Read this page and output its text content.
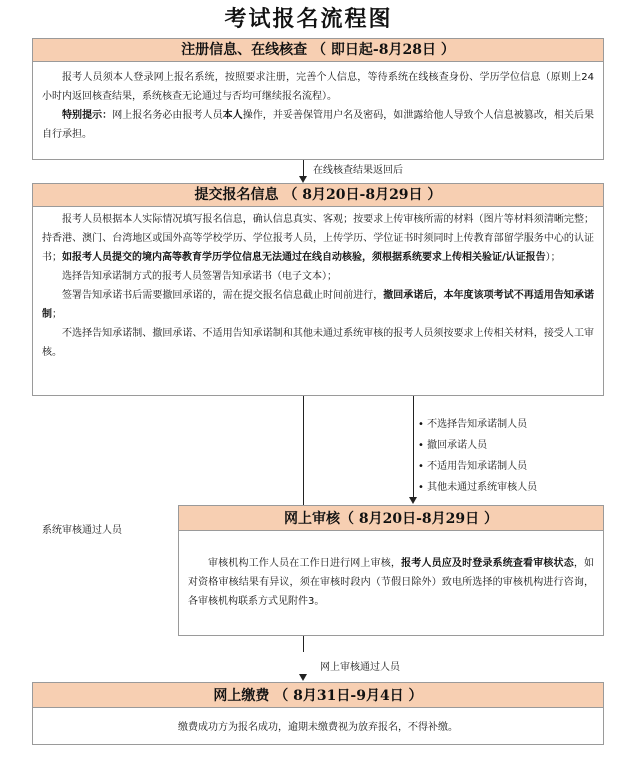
考试报名流程图
注册信息、在线核查 （ 即日起-8月28日 ）

报考人员须本人登录网上报名系统，按照要求注册，完善个人信息，等待系统在线核查身份、学历学位信息（原则上24小时内返回核查结果，系统核查无论通过与否均可继续报名流程）。

特别提示：网上报名务必由报考人员本人操作，并妥善保管用户名及密码，如泄露给他人导致个人信息被篡改，相关后果自行承担。

在线核查结果返回后
提交报名信息 （ 8月20日-8月29日 ）

报考人员根据本人实际情况填写报名信息，确认信息真实、客观；按要求上传审核所需的材料（图片等材料须清晰完整；持香港、澳门、台湾地区或国外高等学校学历、学位报考人员，上传学历、学位证书时须同时上传教育部留学服务中心的认证书；如报考人员提交的境内高等教育学历学位信息无法通过在线自动核验，须根据系统要求上传相关验证/认证报告）；

选择告知承诺制方式的报考人员签署告知承诺书（电子文本）；

签署告知承诺书后需要撤回承诺的，需在提交报名信息截止时间前进行，撤回承诺后，本年度该项考试不再适用告知承诺制；

不选择告知承诺制、撤回承诺、不适用告知承诺制和其他未通过系统审核的报考人员须按要求上传相关材料，接受人工审核。

• 不选择告知承诺制人员
• 撤回承诺人员
• 不适用告知承诺制人员
• 其他未通过系统审核人员
系统审核通过人员
网上审核（ 8月20日-8月29日 ）

审核机构工作人员在工作日进行网上审核，报考人员应及时登录系统查看审核状态，如对资格审核结果有异议，须在审核时段内（节假日除外）致电所选择的审核机构进行咨询，各审核机构联系方式见附件3。

网上审核通过人员
网上缴费 （ 8月31日-9月4日 ）
缴费成功方为报名成功，逾期未缴费视为放弃报名，不得补缴。
